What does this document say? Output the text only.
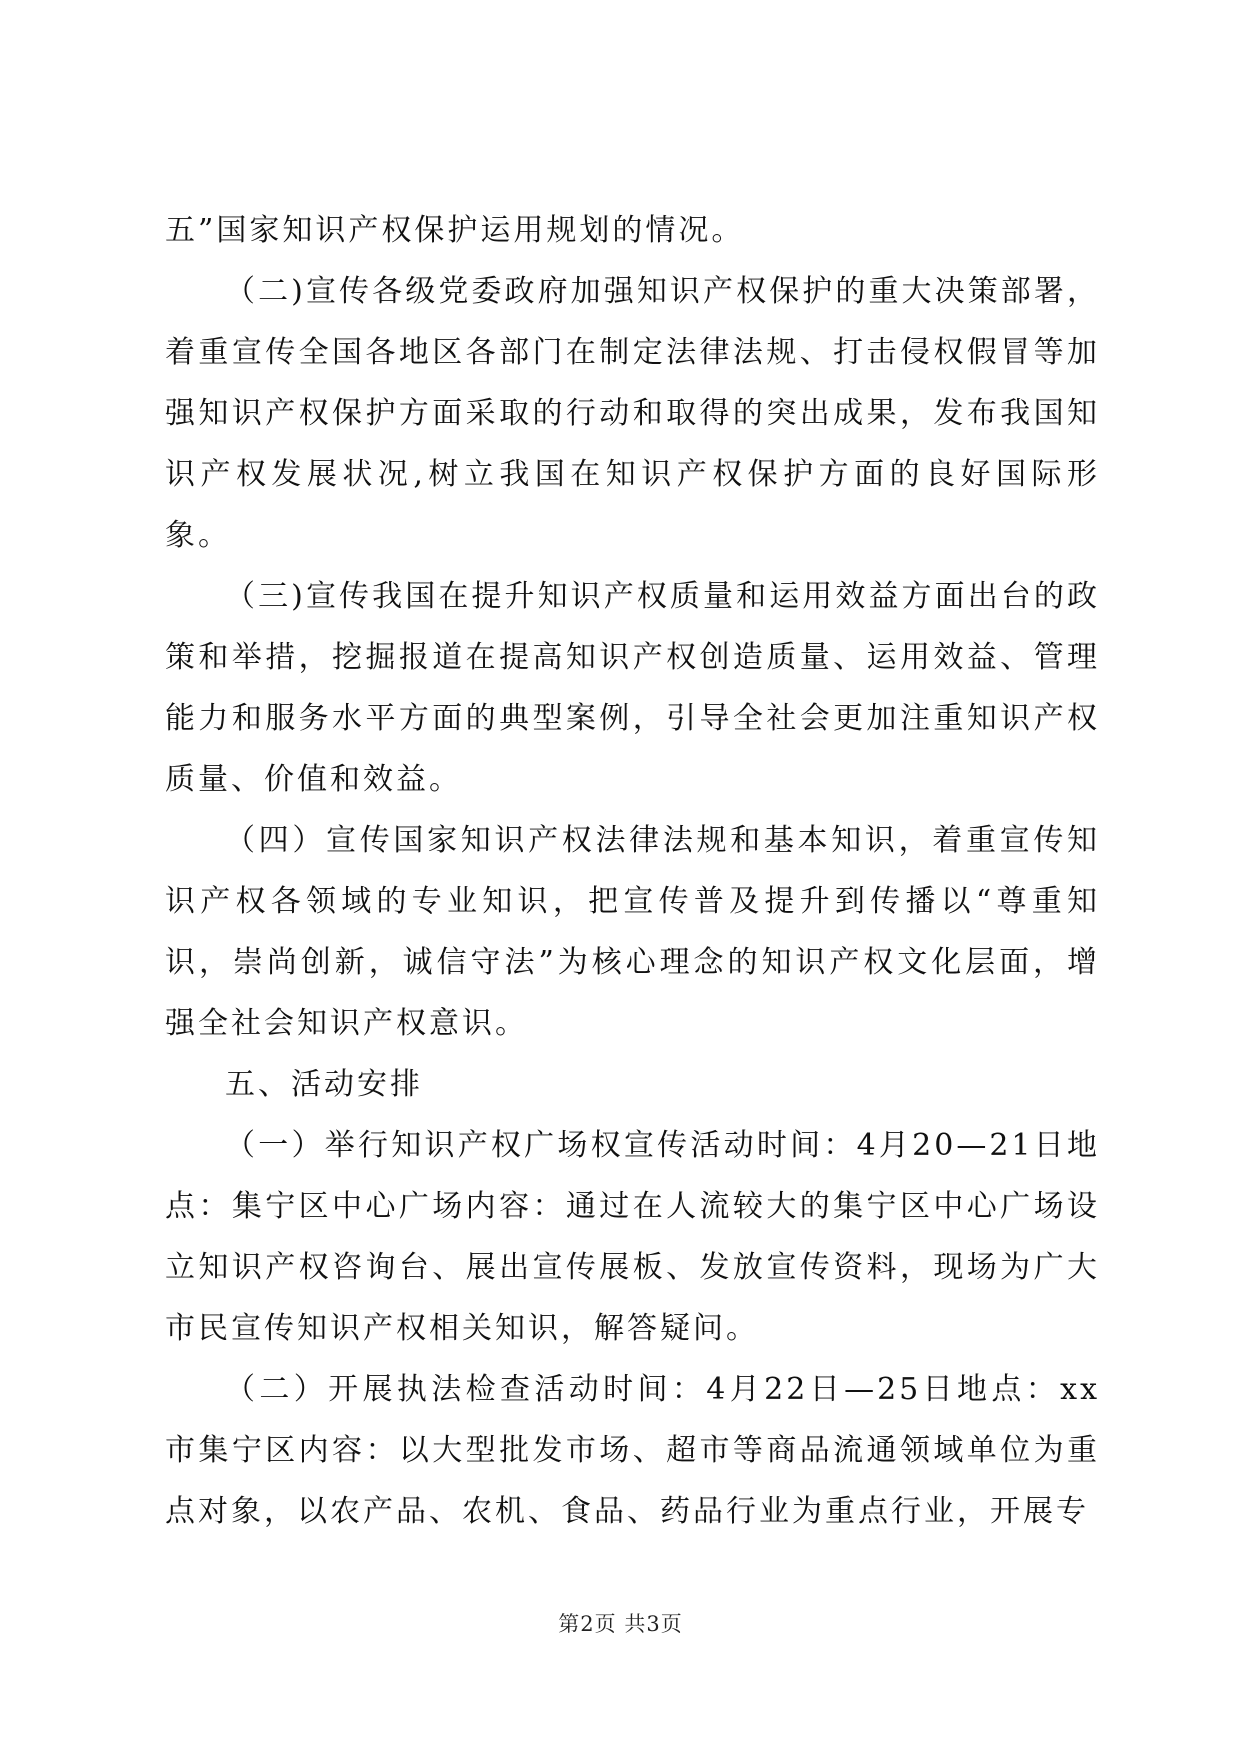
五”国家知识产权保护运用规划的情况。

（二)宣传各级党委政府加强知识产权保护的重大决策部署，着重宣传全国各地区各部门在制定法律法规、打击侵权假冒等加强知识产权保护方面采取的行动和取得的突出成果，发布我国知识产权发展状况,树立我国在知识产权保护方面的良好国际形象。

（三)宣传我国在提升知识产权质量和运用效益方面出台的政策和举措，挖掘报道在提高知识产权创造质量、运用效益、管理能力和服务水平方面的典型案例，引导全社会更加注重知识产权质量、价值和效益。

（四）宣传国家知识产权法律法规和基本知识，着重宣传知识产权各领域的专业知识，把宣传普及提升到传播以“尊重知识，崇尚创新，诚信守法”为核心理念的知识产权文化层面，增强全社会知识产权意识。

五、活动安排

（一）举行知识产权广场权宣传活动时间：4月20—21日地点：集宁区中心广场内容：通过在人流较大的集宁区中心广场设立知识产权咨询台、展出宣传展板、发放宣传资料，现场为广大市民宣传知识产权相关知识，解答疑问。

（二）开展执法检查活动时间：4月22日—25日地点：xx市集宁区内容：以大型批发市场、超市等商品流通领域单位为重点对象，以农产品、农机、食品、药品行业为重点行业，开展专

第2页 共3页
